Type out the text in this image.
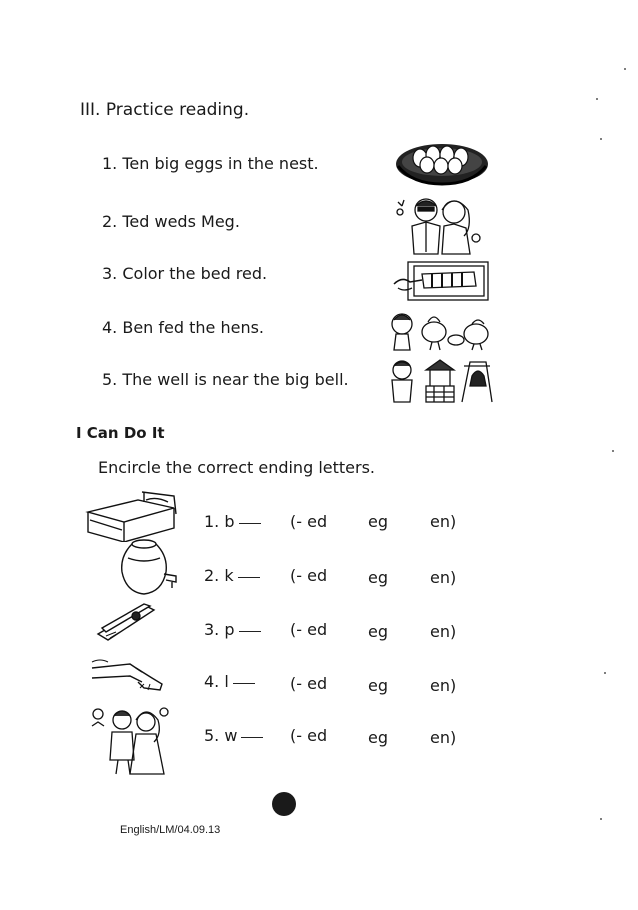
III. Practice reading.
1. Ten big eggs in the nest.
2. Ted weds Meg.
3. Color the bed red.
4. Ben fed the hens.
5. The well is near the big bell.
I Can Do It
Encircle the correct ending letters.
1. b	(- ed	eg	en)
2. k	(- ed	eg	en)
3. p	(- ed	eg	en)
4. l	(- ed	eg	en)
5. w	(- ed	eg	en)
English/LM/04.09.13
